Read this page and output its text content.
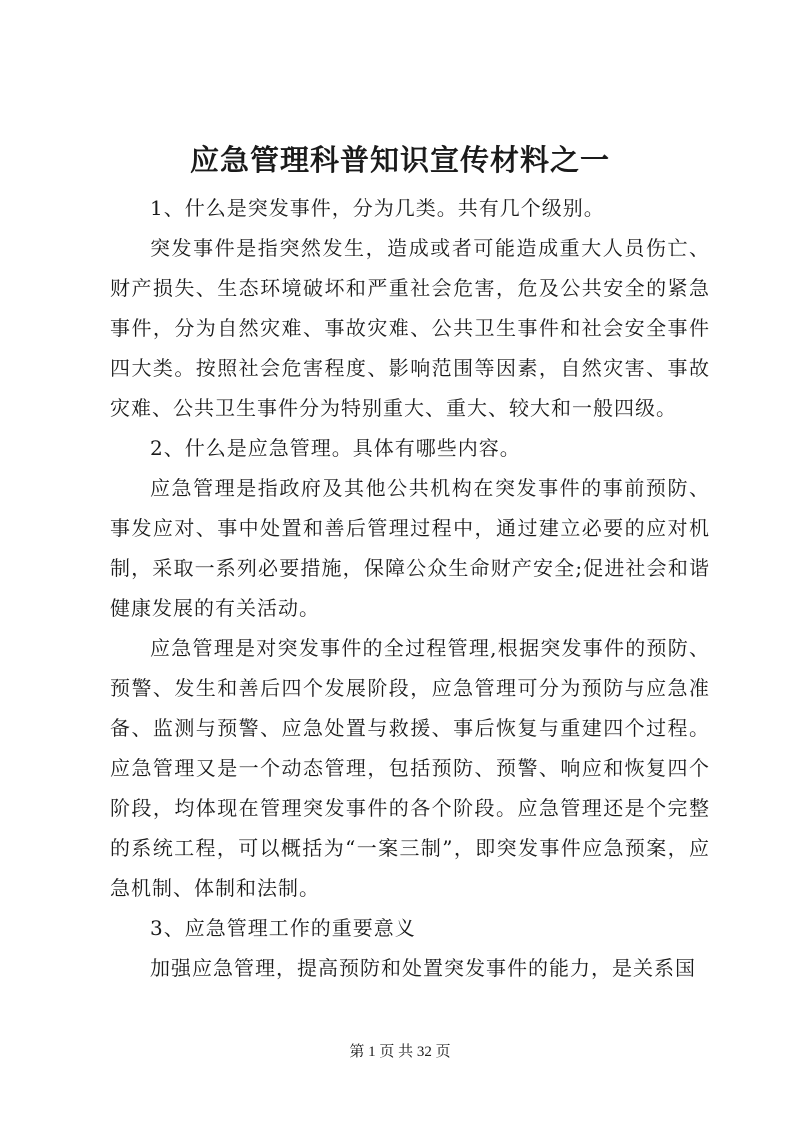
应急管理科普知识宣传材料之一

1、什么是突发事件，分为几类。共有几个级别。

突发事件是指突然发生，造成或者可能造成重大人员伤亡、财产损失、生态环境破坏和严重社会危害，危及公共安全的紧急事件，分为自然灾难、事故灾难、公共卫生事件和社会安全事件四大类。按照社会危害程度、影响范围等因素，自然灾害、事故灾难、公共卫生事件分为特别重大、重大、较大和一般四级。

2、什么是应急管理。具体有哪些内容。

应急管理是指政府及其他公共机构在突发事件的事前预防、事发应对、事中处置和善后管理过程中，通过建立必要的应对机制，采取一系列必要措施，保障公众生命财产安全;促进社会和谐健康发展的有关活动。

应急管理是对突发事件的全过程管理,根据突发事件的预防、预警、发生和善后四个发展阶段，应急管理可分为预防与应急准备、监测与预警、应急处置与救援、事后恢复与重建四个过程。应急管理又是一个动态管理，包括预防、预警、响应和恢复四个阶段，均体现在管理突发事件的各个阶段。应急管理还是个完整的系统工程，可以概括为“一案三制”，即突发事件应急预案，应急机制、体制和法制。

3、应急管理工作的重要意义

加强应急管理，提高预防和处置突发事件的能力，是关系国

第 1 页 共 32 页
